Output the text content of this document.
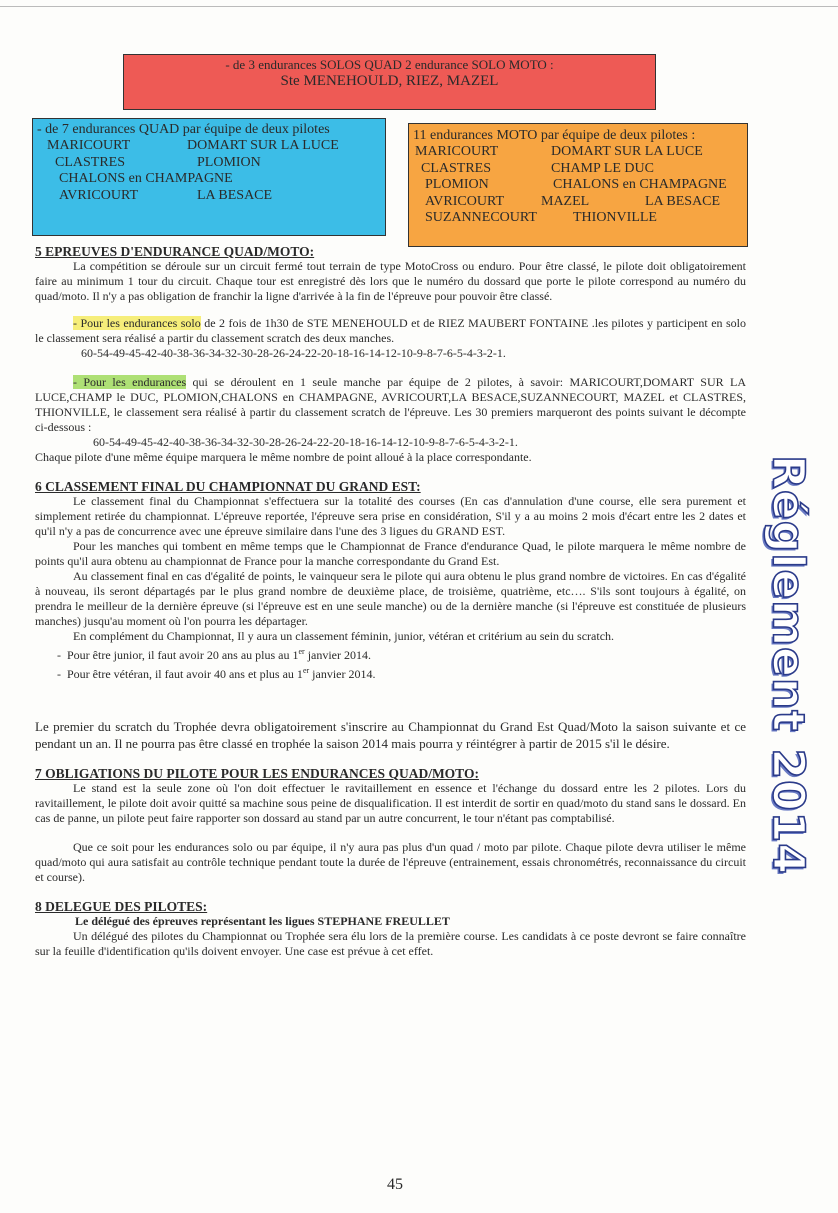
- de 3 endurances SOLOS QUAD 2 endurance SOLO MOTO :
Ste MENEHOULD, RIEZ, MAZEL
- de 7 endurances QUAD par équipe de deux pilotes
MARICOURT	DOMART SUR LA LUCE
CLASTRES	PLOMION
CHALONS en CHAMPAGNE
AVRICOURT	LA BESACE
11 endurances MOTO par équipe de deux pilotes :
MARICOURT	DOMART SUR LA LUCE
CLASTRES	CHAMP LE DUC
PLOMION	CHALONS en CHAMPAGNE
AVRICOURT	MAZEL	LA BESACE
SUZANNECOURT	THIONVILLE

5 EPREUVES D'ENDURANCE QUAD/MOTO:

La compétition se déroule sur un circuit fermé tout terrain de type MotoCross ou enduro. Pour être classé, le pilote doit obligatoirement faire au minimum 1 tour du circuit. Chaque tour est enregistré dès lors que le numéro du dossard que porte le pilote correspond au numéro du quad/moto. Il n'y a pas obligation de franchir la ligne d'arrivée à la fin de l'épreuve pour pouvoir être classé.

- Pour les endurances solo de 2 fois de 1h30 de STE MENEHOULD et de RIEZ MAUBERT FONTAINE .les pilotes y participent en solo le classement sera réalisé a partir du classement scratch des deux manches.

60-54-49-45-42-40-38-36-34-32-30-28-26-24-22-20-18-16-14-12-10-9-8-7-6-5-4-3-2-1.

- Pour les endurances qui se déroulent en 1 seule manche par équipe de 2 pilotes, à savoir: MARICOURT,DOMART SUR LA LUCE,CHAMP le DUC, PLOMION,CHALONS en CHAMPAGNE, AVRICOURT,LA BESACE,SUZANNECOURT, MAZEL et CLASTRES, THIONVILLE, le classement sera réalisé à partir du classement scratch de l'épreuve. Les 30 premiers marqueront des points suivant le décompte ci-dessous :

60-54-49-45-42-40-38-36-34-32-30-28-26-24-22-20-18-16-14-12-10-9-8-7-6-5-4-3-2-1.

Chaque pilote d'une même équipe marquera le même nombre de point alloué à la place correspondante.

6 CLASSEMENT FINAL DU CHAMPIONNAT DU GRAND EST:

Le classement final du Championnat s'effectuera sur la totalité des courses (En cas d'annulation d'une course, elle sera purement et simplement retirée du championnat. L'épreuve reportée, l'épreuve sera prise en considération, S'il y a au moins 2 mois d'écart entre les 2 dates et qu'il n'y a pas de concurrence avec une épreuve similaire dans l'une des 3 ligues du GRAND EST.

Pour les manches qui tombent en même temps que le Championnat de France d'endurance Quad, le pilote marquera le même nombre de points qu'il aura obtenu au championnat de France pour la manche correspondante du Grand Est.

Au classement final en cas d'égalité de points, le vainqueur sera le pilote qui aura obtenu le plus grand nombre de victoires. En cas d'égalité à nouveau, ils seront départagés par le plus grand nombre de deuxième place, de troisième, quatrième, etc…. S'ils sont toujours à égalité, on prendra le meilleur de la dernière épreuve (si l'épreuve est en une seule manche) ou de la dernière manche (si l'épreuve est constituée de plusieurs manches) jusqu'au moment où l'on pourra les départager.

En complément du Championnat, Il y aura un classement féminin, junior, vétéran et critérium au sein du scratch.

-  Pour être junior, il faut avoir 20 ans au plus au 1er janvier 2014.

-  Pour être vétéran, il faut avoir 40 ans et plus au 1er janvier 2014.

Le premier du scratch du Trophée devra obligatoirement s'inscrire au Championnat du Grand Est Quad/Moto la saison suivante et ce pendant un an. Il ne pourra pas être classé en trophée la saison 2014 mais pourra y réintégrer à partir de 2015 s'il le désire.

7 OBLIGATIONS DU PILOTE POUR LES ENDURANCES QUAD/MOTO:

Le stand est la seule zone où l'on doit effectuer le ravitaillement en essence et l'échange du dossard entre les 2 pilotes. Lors du ravitaillement, le pilote doit avoir quitté sa machine sous peine de disqualification. Il est interdit de sortir en quad/moto du stand sans le dossard. En cas de panne, un pilote peut faire rapporter son dossard au stand par un autre concurrent, le tour n'étant pas comptabilisé.

Que ce soit pour les endurances solo ou par équipe, il n'y aura pas plus d'un quad / moto par pilote. Chaque pilote devra utiliser le même quad/moto qui aura satisfait au contrôle technique pendant toute la durée de l'épreuve (entrainement, essais chronométrés, reconnaissance du circuit et course).

8 DELEGUE DES PILOTES:

Le délégué des épreuves représentant les ligues STEPHANE FREULLET

Un délégué des pilotes du Championnat ou Trophée sera élu lors de la première course. Les candidats à ce poste devront se faire connaître sur la feuille d'identification qu'ils doivent envoyer. Une case est prévue à cet effet.

Réglement 2014
45
